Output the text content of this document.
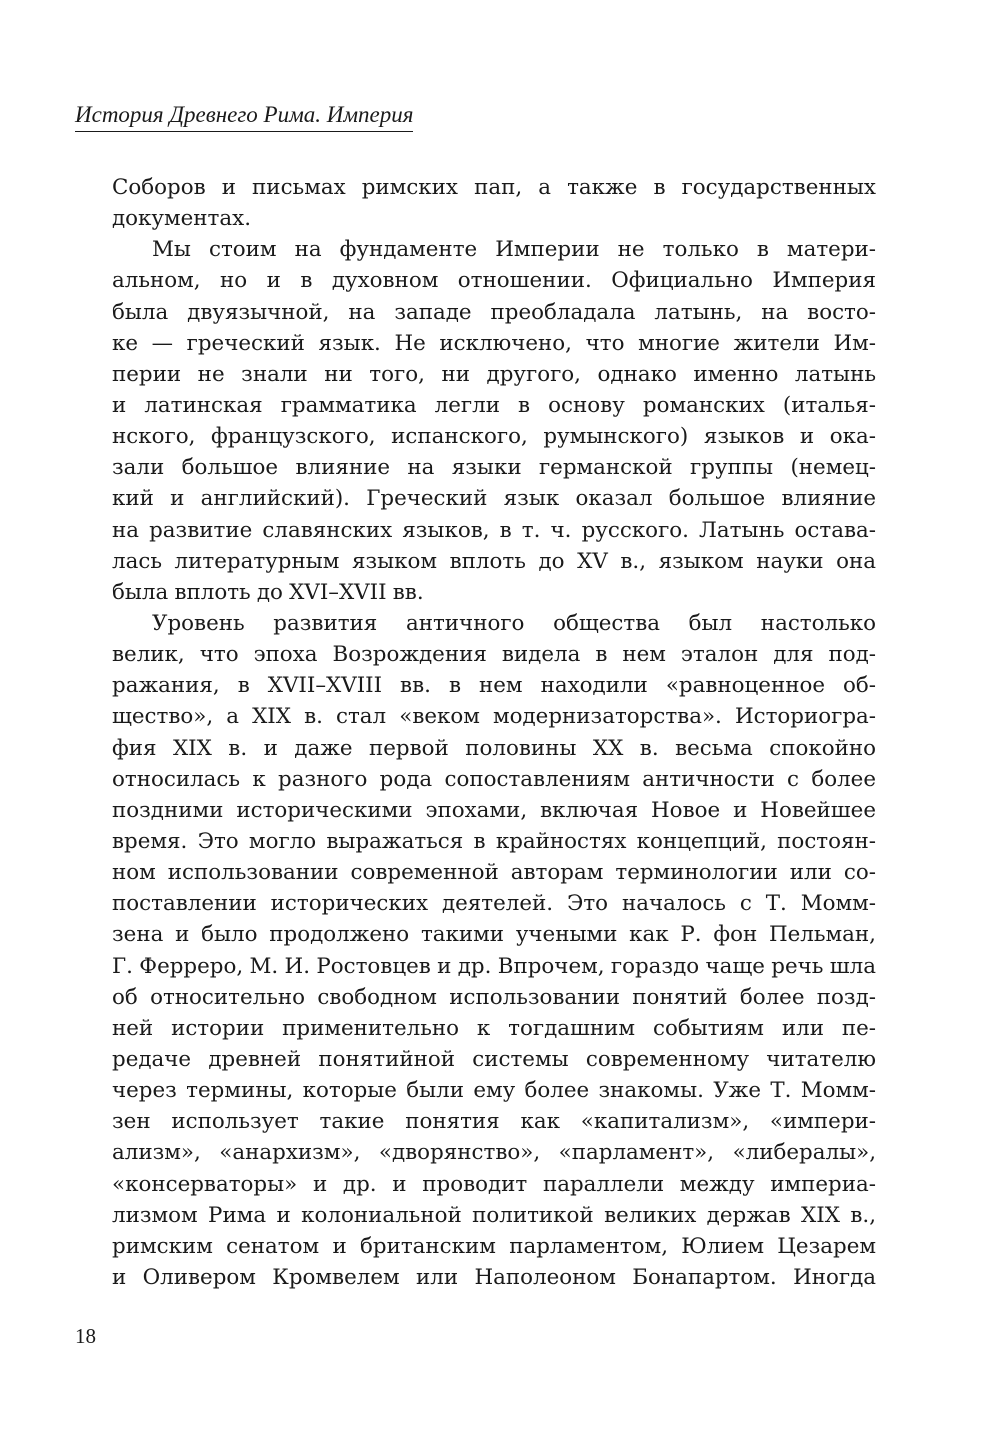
История Древнего Рима. Империя
Соборов и письмах римских пап, а также в государственных
документах.
Мы стоим на фундаменте Империи не только в матери-
альном, но и в духовном отношении. Официально Империя
была двуязычной, на западе преобладала латынь, на восто-
ке — греческий язык. Не исключено, что многие жители Им-
перии не знали ни того, ни другого, однако именно латынь
и латинская грамматика легли в основу романских (италья-
нского, французского, испанского, румынского) языков и ока-
зали большое влияние на языки германской группы (немец-
кий и английский). Греческий язык оказал большое влияние
на развитие славянских языков, в т. ч. русского. Латынь остава-
лась литературным языком вплоть до XV в., языком науки она
была вплоть до XVI–XVII вв.
Уровень развития античного общества был настолько
велик, что эпоха Возрождения видела в нем эталон для под-
ражания, в XVII–XVIII вв. в нем находили «равноценное об-
щество», а XIX в. стал «веком модернизаторства». Историогра-
фия XIX в. и даже первой половины XX в. весьма спокойно
относилась к разного рода сопоставлениям античности с более
поздними историческими эпохами, включая Новое и Новейшее
время. Это могло выражаться в крайностях концепций, постоян-
ном использовании современной авторам терминологии или со-
поставлении исторических деятелей. Это началось с Т. Момм-
зена и было продолжено такими учеными как Р. фон Пельман,
Г. Ферреро, М. И. Ростовцев и др. Впрочем, гораздо чаще речь шла
об относительно свободном использовании понятий более позд-
ней истории применительно к тогдашним событиям или пе-
редаче древней понятийной системы современному читателю
через термины, которые были ему более знакомы. Уже Т. Момм-
зен использует такие понятия как «капитализм», «импери-
ализм», «анархизм», «дворянство», «парламент», «либералы»,
«консерваторы» и др. и проводит параллели между империа-
лизмом Рима и колониальной политикой великих держав XIX в.,
римским сенатом и британским парламентом, Юлием Цезарем
и Оливером Кромвелем или Наполеоном Бонапартом. Иногда
18
